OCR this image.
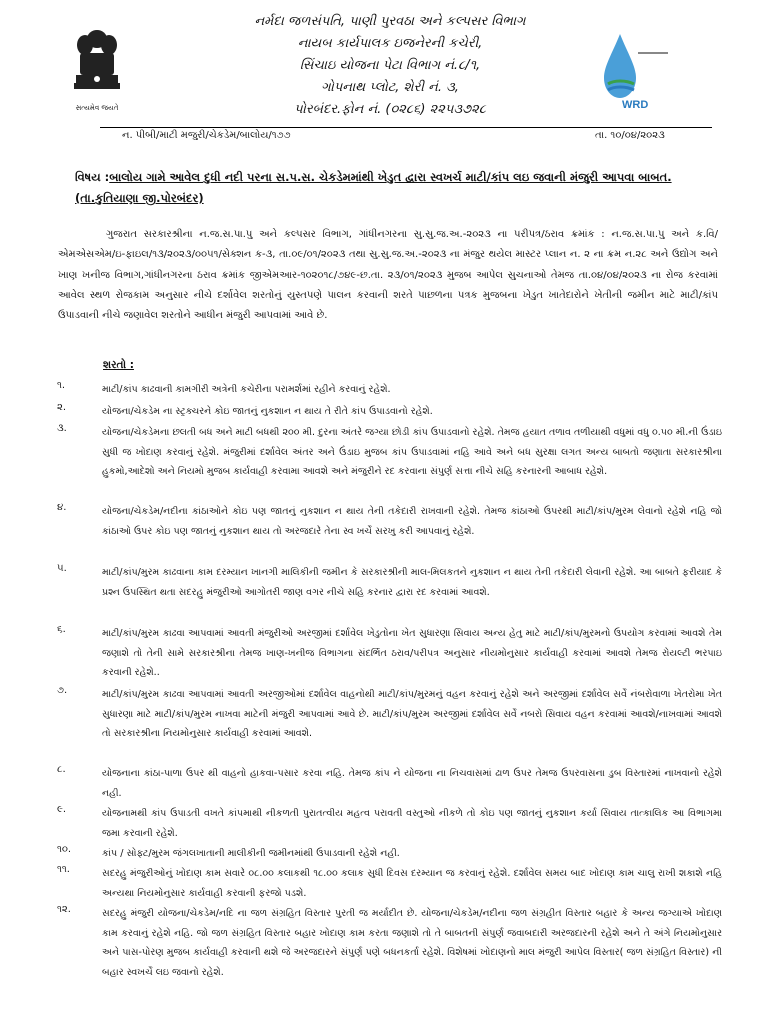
સત્યમેવ જયતે	WRD
નર્મદા જળસંપતિ, પાણી પુરવઠા અને કલ્પસર વિભાગ
નાયબ કાર્યપાલક ઇજનેરની કચેરી,
સિંચાઇ યોજના પેટા વિભાગ નં.૮/૧,
ગોપનાથ પ્લોટ, શેરી નં. ૩,
પોરબંદર.ફોન નં. (૦૨૮૬) ૨૨૫૩૭૨૮
ન. પીબી/માટી મજુરી/ચેકડેમ/બાલોય/૧૭૭	તા. ૧૦/૦૪/૨૦૨૩
વિષય :બાલોય ગામે આવેલ દુધી નદી પરના સ.પ.સ. ચેકડેમમાંથી ખેડુત દ્વારા સ્વખર્ચ માટી/કાંપ લઇ જવાની મંજુરી આપવા બાબત. (તા.કુતિયાણા જી.પોરબંદર)
ગુજરાત સરકારશ્રીના ન.જ.સ.પા.પુ અને કલ્પસર વિભાગ, ગાંધીનગરના સુ.સુ.જ.અ.-૨૦૨૩ ના પરીપત્ર/ઠરાવ ક્રમાંક : ન.જ.સ.પા.પુ અને ક.વિ/એમએસએમ/ઇ-ફાઇલ/૧૩/૨૦૨૩/૦૦૫૧/સેક્શન ક-૩, તા.૦૯/૦૧/૨૦૨૩ તથા સુ.સુ.જ.અ.-૨૦૨૩ ના મંજુર થયેલ માસ્ટર પ્લાન ન. ૨ ના ક્રમ ન.૨૮ અને ઉદ્યોગ અને ખાણ ખનીજ વિભાગ,ગાંધીનગરના ઠરાવ ક્રમાંક જીએમઆર-૧૦૨૦૧૮/૭૪૯-છ.તા. ૨૩/૦૧/૨૦૨૩ મુજબ આપેલ સુચનાઓ તેમજ તા.૦૪/૦૪/૨૦૨૩ ના રોજ કરવામાં આવેલ સ્થળ રોજકામ અનુસાર નીચે દર્શાવેલ શરતોનું યુસ્તપણે પાલન કરવાની શરતે પાછળના પત્રક મુજબના ખેડુત ખાતેદારોને ખેતીની જમીન માટે માટી/કાંપ ઉપાડવાની નીચે જણાવેલ શરતોને આધીન મંજુરી આપવામાં આવે છે.
શરતો :
૧.	માટી/કાંપ કાઢવાની કામગીરી અત્રેની કચેરીના પરામર્શમાં રહીને કરવાનું રહેશે.
૨.	યોજના/ચેકડેમ ના સ્ટ્રક્ચરને કોઇ જાતનું નુકશાન ન થાય તે રીતે કાંપ ઉપાડવાનો રહેશે.
૩.	યોજના/ચેકડેમના છલતી બધ અને માટી બધથી ૨૦૦ મી. દુરના અંતરે જગ્યા છોડી કાંપ ઉપાડવાનો રહેશે. તેમજ હયાત તળાવ તળીયાથી વધુમાં વધુ ૦.૫૦ મી.ની ઉંડાઇ સુધી જ ખોદાણ કરવાનું રહેશે. મંજુરીમાં દર્શાવેલ અંતર અને ઉંડાઇ મુજબ કાંપ ઉપાડવામાં નહિ આવે અને બધ સુરક્ષા લગત અન્ય બાબતો જણાતા સરકારશ્રીના હુકમો,આદેશો અને નિયમો મુજબ કાર્યવાહી કરવામા આવશે અને મંજુરીને રદ કરવાના સંપુર્ણ સત્તા નીચે સહિ કરનારની આબાધ રહેશે.
૪.	યોજના/ચેકડેમ/નદીના કાંઠાઓને કોઇ પણ જાતનું નુકશાન ન થાય તેની તકેદારી રાખવાની રહેશે. તેમજ કાંઠાઓ ઉપરથી માટી/કાંપ/મુરમ લેવાનો રહેશે નહિ જો કાંઠાઓ ઉપર કોઇ પણ જાતનું નુકશાન થાય તો અરજદારે તેના સ્વ ખર્ચે સરખુ કરી આપવાનું રહેશે.
૫.	માટી/કાંપ/મુરમ કાઢવાના કામ દરમ્યાન ખાનગી માલિકીની જમીન કે સરકારશ્રીની માલ-મિલકતને નુકશાન ન થાય તેની તકેદારી લેવાની રહેશે. આ બાબતે ફરીયાદ કે પ્રશ્ન ઉપસ્થિત થતા સદરહુ મંજુરીઓ આગોતરી જાણ વગર નીચે સહિ કરનાર દ્વારા રદ કરવામાં આવશે.
૬.	માટી/કાંપ/મુરમ કાઢવા આપવામાં આવતી મંજુરીઓ અરજીમાં દર્શાવેલ ખેડુતોના ખેત સુધારણા સિવાય અન્ય હેતુ માટે માટી/કાંપ/મુરમનો ઉપયોગ કરવામાં આવશે તેમ જણાશે તો તેની સામે સરકારશ્રીના તેમજ ખાણ-ખનીજ વિભાગના સંદર્ભિત ઠરાવ/પરીપત્ર અનુસાર નીયમોનુસાર કાર્યવાહી કરવામાં આવશે તેમજ રોયલ્ટી ભરપાઇ કરવાની રહેશે..
૭.	માટી/કાંપ/મુરમ કાઢવા આપવામાં આવતી અરજીઓમાં દર્શાવેલ વાહનોથી માટી/કાંપ/મુરમનું વહન કરવાનું રહેશે અને અરજીમાં દર્શાવેલ સર્વે નંબરોવાળા ખેતરોમા ખેત સુધારણા માટે માટી/કાંપ/મુરમ નાખવા માટેની મંજુરી આપવામાં આવે છે. માટી/કાંપ/મુરમ અરજીમાં દર્શાવેલ સર્વે નબરો સિવાય વહન કરવામાં આવશે/નાખવામાં આવશે તો સરકારશ્રીના નિયમોનુસાર કાર્યવાહી કરવામાં આવશે.
૮.	યોજનાના કાંઠા-પાળા ઉપર થી વાહનો હાકવા-પસાર કરવા નહિ. તેમજ કાંપ ને યોજના ના નિચવાસમાં ઢાળ ઉપર તેમજ ઉપરવાસના ડુબ વિસ્તારમાં નાખવાનો રહેશે નહી.
૯.	યોજનામથી કાંપ ઉપાડતી વખતે કાંપમાથી નીકળતી પુરાતત્વીય મહત્વ પરાવતી વસ્તુઓ નીકળે તો કોઇ પણ જાતનું નુકશાન કર્યા સિવાય તાત્કાલિક આ વિભાગમા જમા કરવાની રહેશે.
૧૦.	કાંપ / સોફ્ટ/મુરમ જંગલખાતાની માલીકીની જમીનમાંથી ઉપાડવાની રહેશે નહી.
૧૧.	સદરહુ મંજુરીઓનું ખોદાણ કામ સવારે ૦૮.૦૦ કલાકથી ૧૮.૦૦ કલાક સુધી દિવસ દરમ્યાન જ કરવાનું રહેશે. દર્શાવેલ સમય બાદ ખોદાણ કામ ચાલુ રાખી શકાશે નહિ અન્યથા નિયમોનુસાર કાર્યવાહી કરવાની ફરજો પડશે.
૧૨.	સદરહુ મંજુરી યોજના/ચેકડેમ/નદિ ના જળ સંગ્રહિત વિસ્તાર પુરતી જ મર્યાદીત છે. યોજના/ચેકડેમ/નદીના જળ સંગ્રહીત વિસ્તાર બહાર કે અન્ય જગ્યાએ ખોદાણ કામ કરવાનું રહેશે નહિ. જો જળ સંગ્રહિત વિસ્તાર બહાર ખોદાણ કામ કરતા જણાશે તો તે બાબતની સંપુર્ણ જવાબદારી અરજદારની રહેશે અને તે અંગે નિયમોનુસાર અને પાસ-પોરણ મુજબ કાર્યવાહી કરવાની થશે જે અરજદારને સંપુર્ણ પણે બધનકર્તા રહેશે. વિશેષમાં ખોદાણનો માલ મંજુરી આપેલ વિસ્તાર( જળ સંગ્રહિત વિસ્તાર) ની બહાર સ્વખર્ચે લઇ જવાનો રહેશે.
